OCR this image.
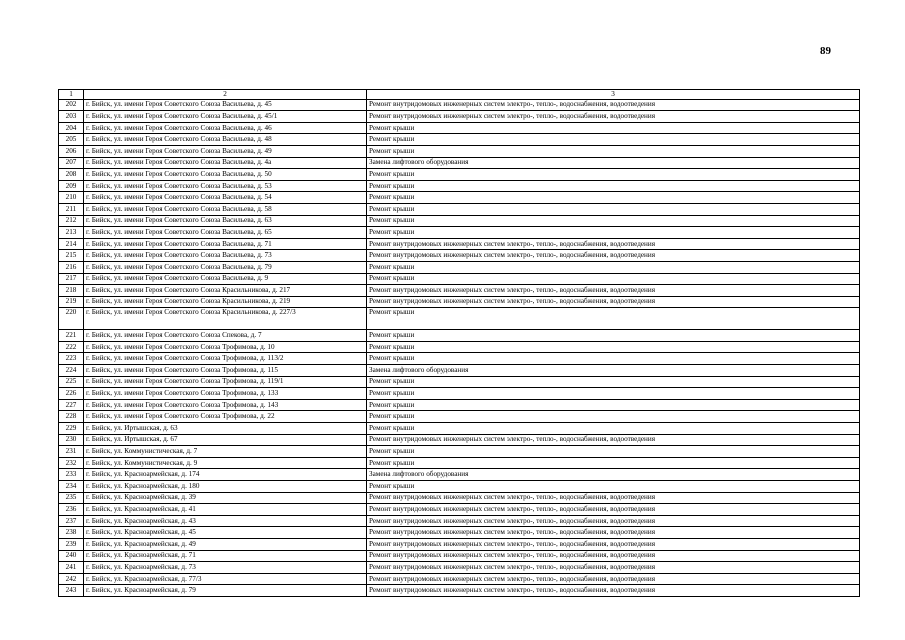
89
1	2	3
202	г. Бийск, ул. имени Героя Советского Союза Васильева, д. 45	Ремонт внутридомовых инженерных систем электро-, тепло-, водоснабжения, водоотведения
203	г. Бийск, ул. имени Героя Советского Союза Васильева, д. 45/1	Ремонт внутридомовых инженерных систем электро-, тепло-, водоснабжения, водоотведения
204	г. Бийск, ул. имени Героя Советского Союза Васильева, д. 46	Ремонт крыши
205	г. Бийск, ул. имени Героя Советского Союза Васильева, д. 48	Ремонт крыши
206	г. Бийск, ул. имени Героя Советского Союза Васильева, д. 49	Ремонт крыши
207	г. Бийск, ул. имени Героя Советского Союза Васильева, д. 4а	Замена лифтового оборудования
208	г. Бийск, ул. имени Героя Советского Союза Васильева, д. 50	Ремонт крыши
209	г. Бийск, ул. имени Героя Советского Союза Васильева, д. 53	Ремонт крыши
210	г. Бийск, ул. имени Героя Советского Союза Васильева, д. 54	Ремонт крыши
211	г. Бийск, ул. имени Героя Советского Союза Васильева, д. 58	Ремонт крыши
212	г. Бийск, ул. имени Героя Советского Союза Васильева, д. 63	Ремонт крыши
213	г. Бийск, ул. имени Героя Советского Союза Васильева, д. 65	Ремонт крыши
214	г. Бийск, ул. имени Героя Советского Союза Васильева, д. 71	Ремонт внутридомовых инженерных систем электро-, тепло-, водоснабжения, водоотведения
215	г. Бийск, ул. имени Героя Советского Союза Васильева, д. 73	Ремонт внутридомовых инженерных систем электро-, тепло-, водоснабжения, водоотведения
216	г. Бийск, ул. имени Героя Советского Союза Васильева, д. 79	Ремонт крыши
217	г. Бийск, ул. имени Героя Советского Союза Васильева, д. 9	Ремонт крыши
218	г. Бийск, ул. имени Героя Советского Союза Красильникова, д. 217	Ремонт внутридомовых инженерных систем электро-, тепло-, водоснабжения, водоотведения
219	г. Бийск, ул. имени Героя Советского Союза Красильникова, д. 219	Ремонт внутридомовых инженерных систем электро-, тепло-, водоснабжения, водоотведения
220	г. Бийск, ул. имени Героя Советского Союза Красильникова, д. 227/3	Ремонт крыши
221	г. Бийск, ул. имени Героя Советского Союза Спекова, д. 7	Ремонт крыши
222	г. Бийск, ул. имени Героя Советского Союза Трофимова, д. 10	Ремонт крыши
223	г. Бийск, ул. имени Героя Советского Союза Трофимова, д. 113/2	Ремонт крыши
224	г. Бийск, ул. имени Героя Советского Союза Трофимова, д. 115	Замена лифтового оборудования
225	г. Бийск, ул. имени Героя Советского Союза Трофимова, д. 119/1	Ремонт крыши
226	г. Бийск, ул. имени Героя Советского Союза Трофимова, д. 133	Ремонт крыши
227	г. Бийск, ул. имени Героя Советского Союза Трофимова, д. 143	Ремонт крыши
228	г. Бийск, ул. имени Героя Советского Союза Трофимова, д. 22	Ремонт крыши
229	г. Бийск, ул. Иртышская, д. 63	Ремонт крыши
230	г. Бийск, ул. Иртышская, д. 67	Ремонт внутридомовых инженерных систем электро-, тепло-, водоснабжения, водоотведения
231	г. Бийск, ул. Коммунистическая, д. 7	Ремонт крыши
232	г. Бийск, ул. Коммунистическая, д. 9	Ремонт крыши
233	г. Бийск, ул. Красноармейская, д. 174	Замена лифтового оборудования
234	г. Бийск, ул. Красноармейская, д. 180	Ремонт крыши
235	г. Бийск, ул. Красноармейская, д. 39	Ремонт внутридомовых инженерных систем электро-, тепло-, водоснабжения, водоотведения
236	г. Бийск, ул. Красноармейская, д. 41	Ремонт внутридомовых инженерных систем электро-, тепло-, водоснабжения, водоотведения
237	г. Бийск, ул. Красноармейская, д. 43	Ремонт внутридомовых инженерных систем электро-, тепло-, водоснабжения, водоотведения
238	г. Бийск, ул. Красноармейская, д. 45	Ремонт внутридомовых инженерных систем электро-, тепло-, водоснабжения, водоотведения
239	г. Бийск, ул. Красноармейская, д. 49	Ремонт внутридомовых инженерных систем электро-, тепло-, водоснабжения, водоотведения
240	г. Бийск, ул. Красноармейская, д. 71	Ремонт внутридомовых инженерных систем электро-, тепло-, водоснабжения, водоотведения
241	г. Бийск, ул. Красноармейская, д. 73	Ремонт внутридомовых инженерных систем электро-, тепло-, водоснабжения, водоотведения
242	г. Бийск, ул. Красноармейская, д. 77/3	Ремонт внутридомовых инженерных систем электро-, тепло-, водоснабжения, водоотведения
243	г. Бийск, ул. Красноармейская, д. 79	Ремонт внутридомовых инженерных систем электро-, тепло-, водоснабжения, водоотведения
